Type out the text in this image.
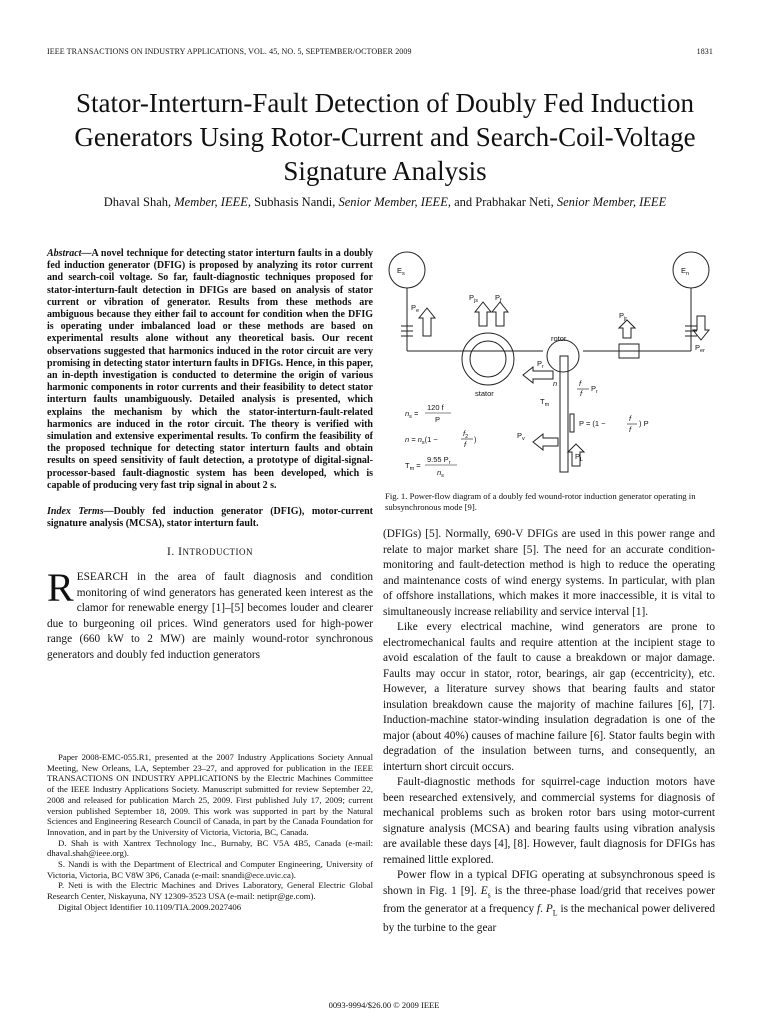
IEEE TRANSACTIONS ON INDUSTRY APPLICATIONS, VOL. 45, NO. 5, SEPTEMBER/OCTOBER 2009	1831
Stator-Interturn-Fault Detection of Doubly Fed Induction Generators Using Rotor-Current and Search-Coil-Voltage Signature Analysis
Dhaval Shah, Member, IEEE, Subhasis Nandi, Senior Member, IEEE, and Prabhakar Neti, Senior Member, IEEE

Abstract—A novel technique for detecting stator interturn faults in a doubly fed induction generator (DFIG) is proposed by analyzing its rotor current and search-coil voltage. So far, fault-diagnostic techniques proposed for stator-interturn-fault detection in DFIGs are based on analysis of stator current or vibration of generator. Results from these methods are ambiguous because they either fail to account for condition when the DFIG is operating under imbalanced load or these methods are based on experimental results alone without any theoretical basis. Our recent observations suggested that harmonics induced in the rotor circuit are very promising in detecting stator interturn faults in DFIGs. Hence, in this paper, an in-depth investigation is conducted to determine the origin of various harmonic components in rotor currents and their feasibility to detect stator interturn faults unambiguously. Detailed analysis is presented, which explains the mechanism by which the stator-interturn-fault-related harmonics are induced in the rotor circuit. The theory is verified with simulation and extensive experimental results. To confirm the feasibility of the proposed technique for detecting stator interturn faults and obtain results on speed sensitivity of fault detection, a prototype of digital-signal-processor-based fault-diagnostic system has been developed, which is capable of producing very fast trip signal in about 2 s.

Index Terms—Doubly fed induction generator (DFIG), motor-current signature analysis (MCSA), stator interturn fault.

I. INTRODUCTION

RESEARCH in the area of fault diagnosis and condition monitoring of wind generators has generated keen interest as the clamor for renewable energy [1]–[5] becomes louder and clearer due to burgeoning oil prices. Wind generators used for high-power range (660 kW to 2 MW) are mainly wound-rotor synchronous generators and doubly fed induction generators

Paper 2008-EMC-055.R1, presented at the 2007 Industry Applications Society Annual Meeting, New Orleans, LA, September 23–27, and approved for publication in the IEEE TRANSACTIONS ON INDUSTRY APPLICATIONS by the Electric Machines Committee of the IEEE Industry Applications Society. Manuscript submitted for review September 22, 2008 and released for publication March 25, 2009. First published July 17, 2009; current version published September 18, 2009. This work was supported in part by the Natural Sciences and Engineering Research Council of Canada, in part by the Canada Foundation for Innovation, and in part by the University of Victoria, Victoria, BC, Canada.

D. Shah is with Xantrex Technology Inc., Burnaby, BC V5A 4B5, Canada (e-mail: dhaval.shah@ieee.org).

S. Nandi is with the Department of Electrical and Computer Engineering, University of Victoria, Victoria, BC V8W 3P6, Canada (e-mail: snandi@ece.uvic.ca).

P. Neti is with the Electric Machines and Drives Laboratory, General Electric Global Research Center, Niskayuna, NY 12309-3523 USA (e-mail: netipr@ge.com).

Digital Object Identifier 10.1109/TIA.2009.2027406

$E_s$	$E_n$
$P_e$
$P_{js}$ $P_f$
$P_{jr}$
$P_{er}$
rotor
stator
n
$T_m$
$P_v$
$P_L$
f
f
$P_r$
$P_r$
P = (1 −
f
f
) P
$n_s$ =
120 f
P
$n = n_s(1$ −
$f_2$
f
)
$T_m$ =
9.55 $P_r$
$n_s$
Fig. 1. Power-flow diagram of a doubly fed wound-rotor induction generator operating in subsynchronous mode [9].

(DFIGs) [5]. Normally, 690-V DFIGs are used in this power range and relate to major market share [5]. The need for an accurate condition-monitoring and fault-detection method is high to reduce the operating and maintenance costs of wind energy systems. In particular, with plan of offshore installations, which makes it more inaccessible, it is vital to simultaneously increase reliability and service interval [1].

Like every electrical machine, wind generators are prone to electromechanical faults and require attention at the incipient stage to avoid escalation of the fault to cause a breakdown or major damage. Faults may occur in stator, rotor, bearings, air gap (eccentricity), etc. However, a literature survey shows that bearing faults and stator insulation breakdown cause the majority of machine failures [6], [7]. Induction-machine stator-winding insulation degradation is one of the major (about 40%) causes of machine failure [6]. Stator faults begin with degradation of the insulation between turns, and consequently, an interturn short circuit occurs.

Fault-diagnostic methods for squirrel-cage induction motors have been researched extensively, and commercial systems for diagnosis of mechanical problems such as broken rotor bars using motor-current signature analysis (MCSA) and bearing faults using vibration analysis are available these days [4], [8]. However, fault diagnosis for DFIGs has remained little explored.

Power flow in a typical DFIG operating at subsynchronous speed is shown in Fig. 1 [9]. $E_s$ is the three-phase load/grid that receives power from the generator at a frequency f. $P_L$ is the mechanical power delivered by the turbine to the gear

0093-9994/$26.00 © 2009 IEEE
